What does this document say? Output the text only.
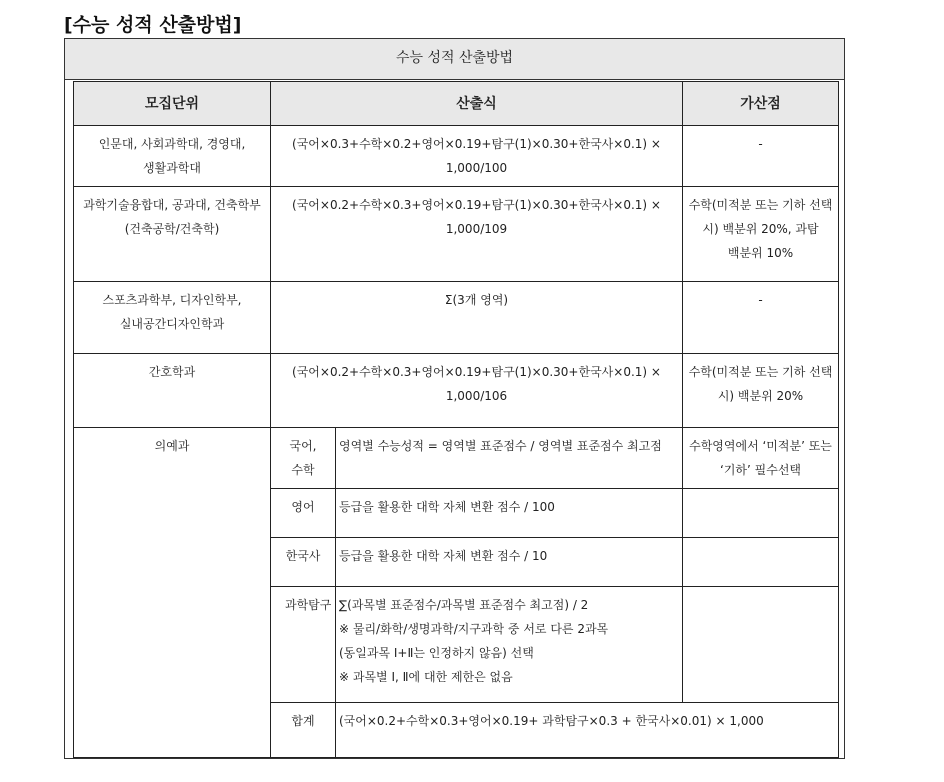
[수능 성적 산출방법]
수능 성적 산출방법
모집단위	산출식		가산점
인문대, 사회과학대, 경영대, 생활과학대	(국어×0.3+수학×0.2+영어×0.19+탐구(1)×0.30+한국사×0.1) × 1,000/100		-
과학기술융합대, 공과대, 건축학부(건축공학/건축학)	(국어×0.2+수학×0.3+영어×0.19+탐구(1)×0.30+한국사×0.1) × 1,000/109		수학(미적분 또는 기하 선택 시) 백분위 20%, 과탐 백분위 10%
스포츠과학부, 디자인학부, 실내공간디자인학과	Σ(3개 영역)		-
간호학과	(국어×0.2+수학×0.3+영어×0.19+탐구(1)×0.30+한국사×0.1) × 1,000/106		수학(미적분 또는 기하 선택 시) 백분위 20%
의예과	국어, 수학	영역별 수능성적 = 영역별 표준점수 / 영역별 표준점수 최고점	수학영역에서 ‘미적분’ 또는 ‘기하’ 필수선택
	영어	등급을 활용한 대학 자체 변환 점수 / 100	
	한국사	등급을 활용한 대학 자체 변환 점수 / 10	
	과학탐구	∑(과목별 표준점수/과목별 표준점수 최고점) / 2
※ 물리/화학/생명과학/지구과학 중 서로 다른 2과목
(동일과목 Ⅰ+Ⅱ는 인정하지 않음) 선택
※ 과목별 Ⅰ, Ⅱ에 대한 제한은 없음	

	합계	(국어×0.2+수학×0.3+영어×0.19+ 과학탐구×0.3 + 한국사×0.01) × 1,000	
